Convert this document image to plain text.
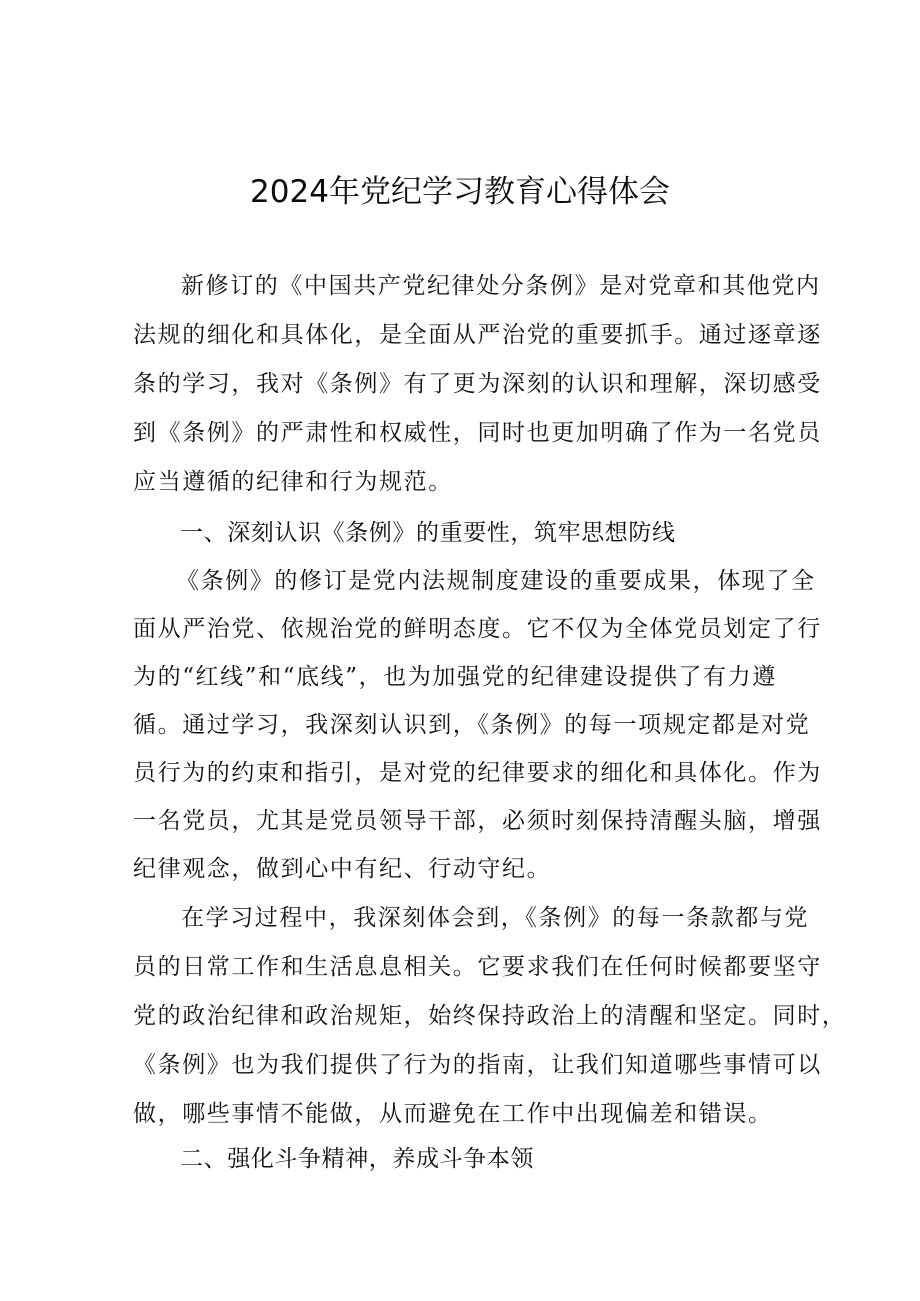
2024年党纪学习教育心得体会
新修订的《中国共产党纪律处分条例》是对党章和其他党内
法规的细化和具体化，是全面从严治党的重要抓手。通过逐章逐
条的学习，我对《条例》有了更为深刻的认识和理解，深切感受
到《条例》的严肃性和权威性，同时也更加明确了作为一名党员
应当遵循的纪律和行为规范。
一、深刻认识《条例》的重要性，筑牢思想防线
《条例》的修订是党内法规制度建设的重要成果，体现了全
面从严治党、依规治党的鲜明态度。它不仅为全体党员划定了行
为的“红线”和“底线”，也为加强党的纪律建设提供了有力遵
循。通过学习，我深刻认识到，《条例》的每一项规定都是对党
员行为的约束和指引，是对党的纪律要求的细化和具体化。作为
一名党员，尤其是党员领导干部，必须时刻保持清醒头脑，增强
纪律观念，做到心中有纪、行动守纪。
在学习过程中，我深刻体会到，《条例》的每一条款都与党
员的日常工作和生活息息相关。它要求我们在任何时候都要坚守
党的政治纪律和政治规矩，始终保持政治上的清醒和坚定。同时，
《条例》也为我们提供了行为的指南，让我们知道哪些事情可以
做，哪些事情不能做，从而避免在工作中出现偏差和错误。
二、强化斗争精神，养成斗争本领
